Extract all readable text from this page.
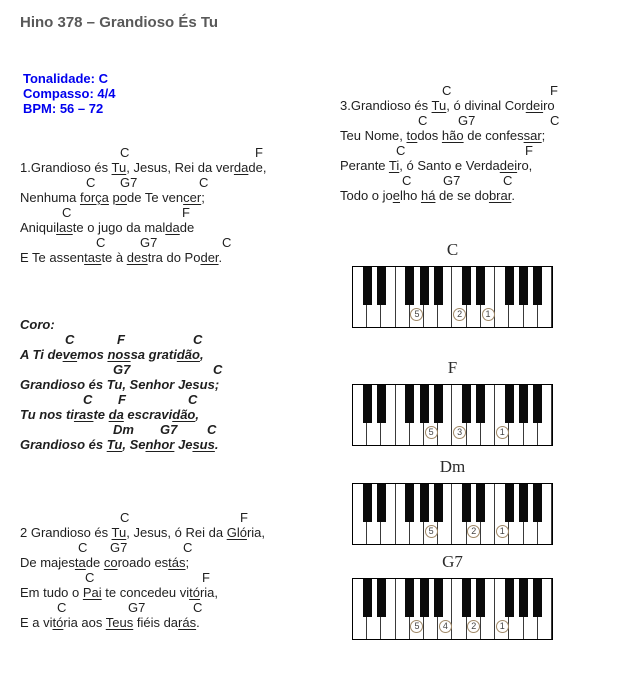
Hino 378 – Grandioso És Tu
Tonalidade: C
Compasso: 4/4
BPM: 56 – 72
C	F
1.Grandioso és Tu, Jesus, Rei da verdade,
C G7	C
Nenhuma força pode Te vencer;
C	F
Aniquilaste o jugo da maldade
C	G7	C
E Te assentaste à destra do Poder.
Coro:
C	F	C
A Ti devemos nossa gratidão,
G7	C
Grandioso és Tu, Senhor Jesus;
C F	C
Tu nos tiraste da escravidão,
Dm G7 C
Grandioso és Tu, Senhor Jesus.
C	F
2 Grandioso és Tu, Jesus, ó Rei da Glória,
C G7	C
De majestade coroado estás;
C	F
Em tudo o Pai te concedeu vitória,
C	G7	C
E a vitória aos Teus fiéis darás.
C	F
3.Grandioso és Tu, ó divinal Cordeiro
C G7	C
Teu Nome, todos hão de confessar;
C	F
Perante Ti, ó Santo e Verdadeiro,
C G7	C
Todo o joelho há de se dobrar.
C
5	2	1
F
5	3	1
Dm
5	2	1
G7
5	4	2	1
